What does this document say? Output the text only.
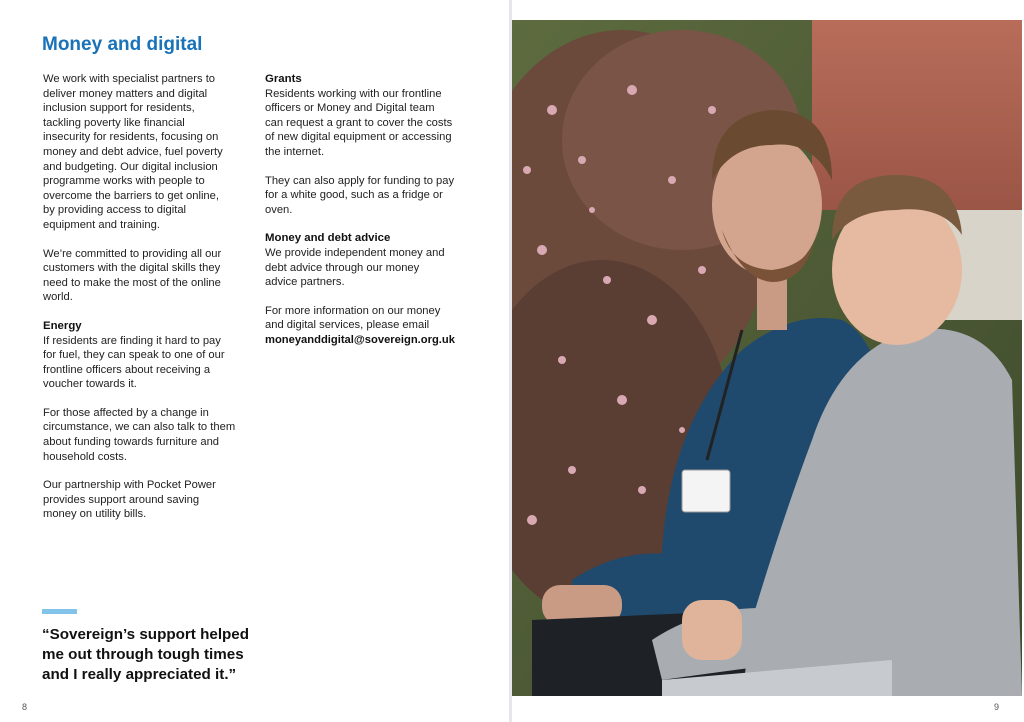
Money and digital

We work with specialist partners to
deliver money matters and digital
inclusion support for residents,
tackling poverty like financial
insecurity for residents, focusing on
money and debt advice, fuel poverty
and budgeting. Our digital inclusion
programme works with people to
overcome the barriers to get online,
by providing access to digital
equipment and training.

We’re committed to providing all our
customers with the digital skills they
need to make the most of the online
world.

Energy

If residents are finding it hard to pay
for fuel, they can speak to one of our
frontline officers about receiving a
voucher towards it.

For those affected by a change in
circumstance, we can also talk to them
about funding towards furniture and
household costs.

Our partnership with Pocket Power
provides support around saving
money on utility bills.

Grants

Residents working with our frontline
officers or Money and Digital team
can request a grant to cover the costs
of new digital equipment or accessing
the internet.

They can also apply for funding to pay
for a white good, such as a fridge or
oven.

Money and debt advice

We provide independent money and
debt advice through our money
advice partners.

For more information on our money
and digital services, please email

moneyanddigital@sovereign.org.uk

“Sovereign’s support helped
me out through tough times
and I really appreciated it.”

8	9
